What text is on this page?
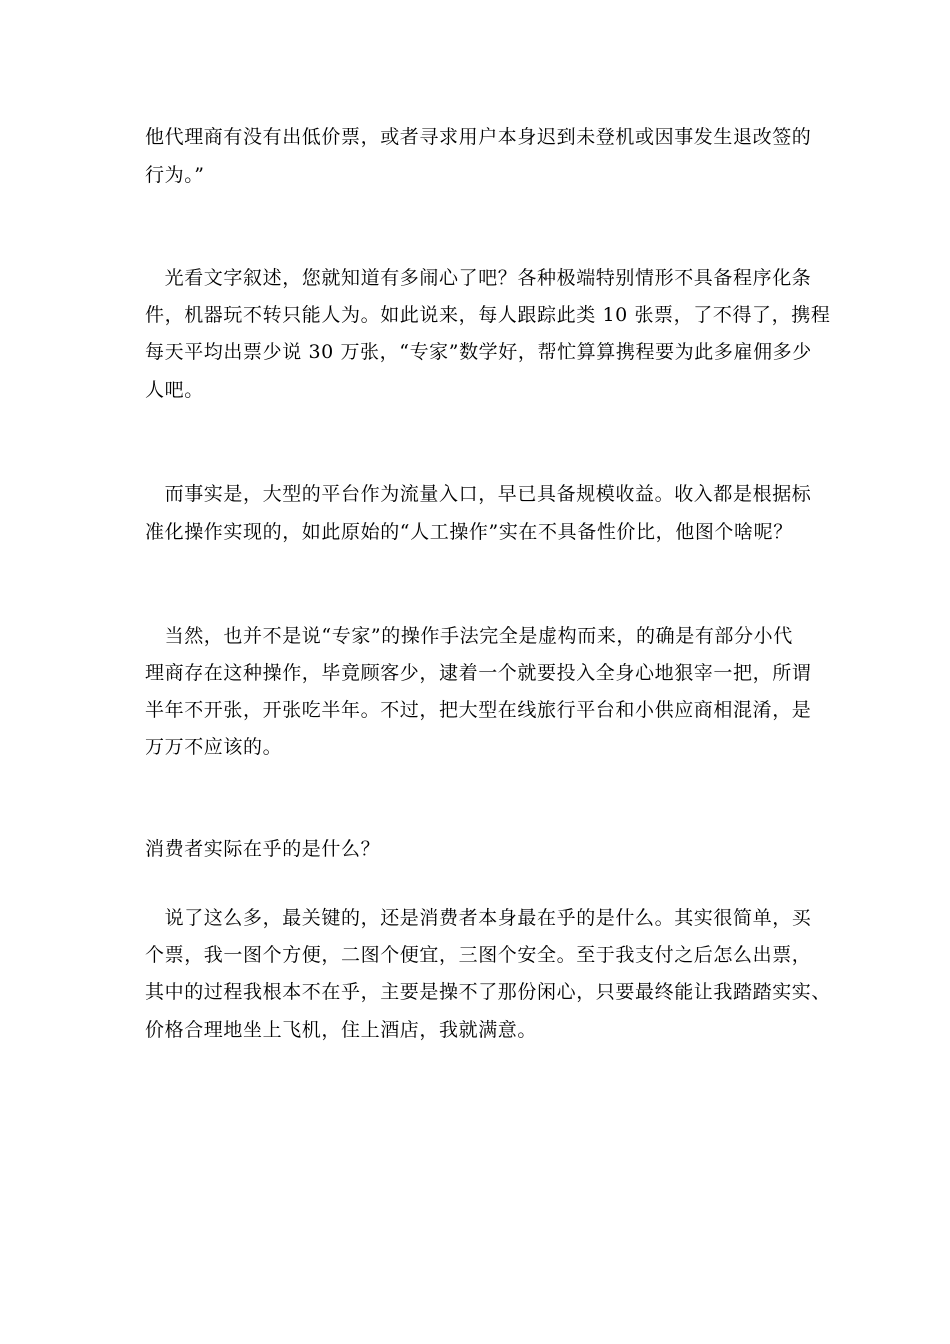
他代理商有没有出低价票，或者寻求用户本身迟到未登机或因事发生退改签的
行为。”
　光看文字叙述，您就知道有多闹心了吧？各种极端特别情形不具备程序化条
件，机器玩不转只能人为。如此说来，每人跟踪此类 10 张票，了不得了，携程
每天平均出票少说 30 万张，“专家”数学好，帮忙算算携程要为此多雇佣多少
人吧。
　而事实是，大型的平台作为流量入口，早已具备规模收益。收入都是根据标
准化操作实现的，如此原始的“人工操作”实在不具备性价比，他图个啥呢？
　当然，也并不是说“专家”的操作手法完全是虚构而来，的确是有部分小代
理商存在这种操作，毕竟顾客少，逮着一个就要投入全身心地狠宰一把，所谓
半年不开张，开张吃半年。不过，把大型在线旅行平台和小供应商相混淆，是
万万不应该的。
消费者实际在乎的是什么？
　说了这么多，最关键的，还是消费者本身最在乎的是什么。其实很简单，买
个票，我一图个方便，二图个便宜，三图个安全。至于我支付之后怎么出票，
其中的过程我根本不在乎，主要是操不了那份闲心，只要最终能让我踏踏实实、
价格合理地坐上飞机，住上酒店，我就满意。
